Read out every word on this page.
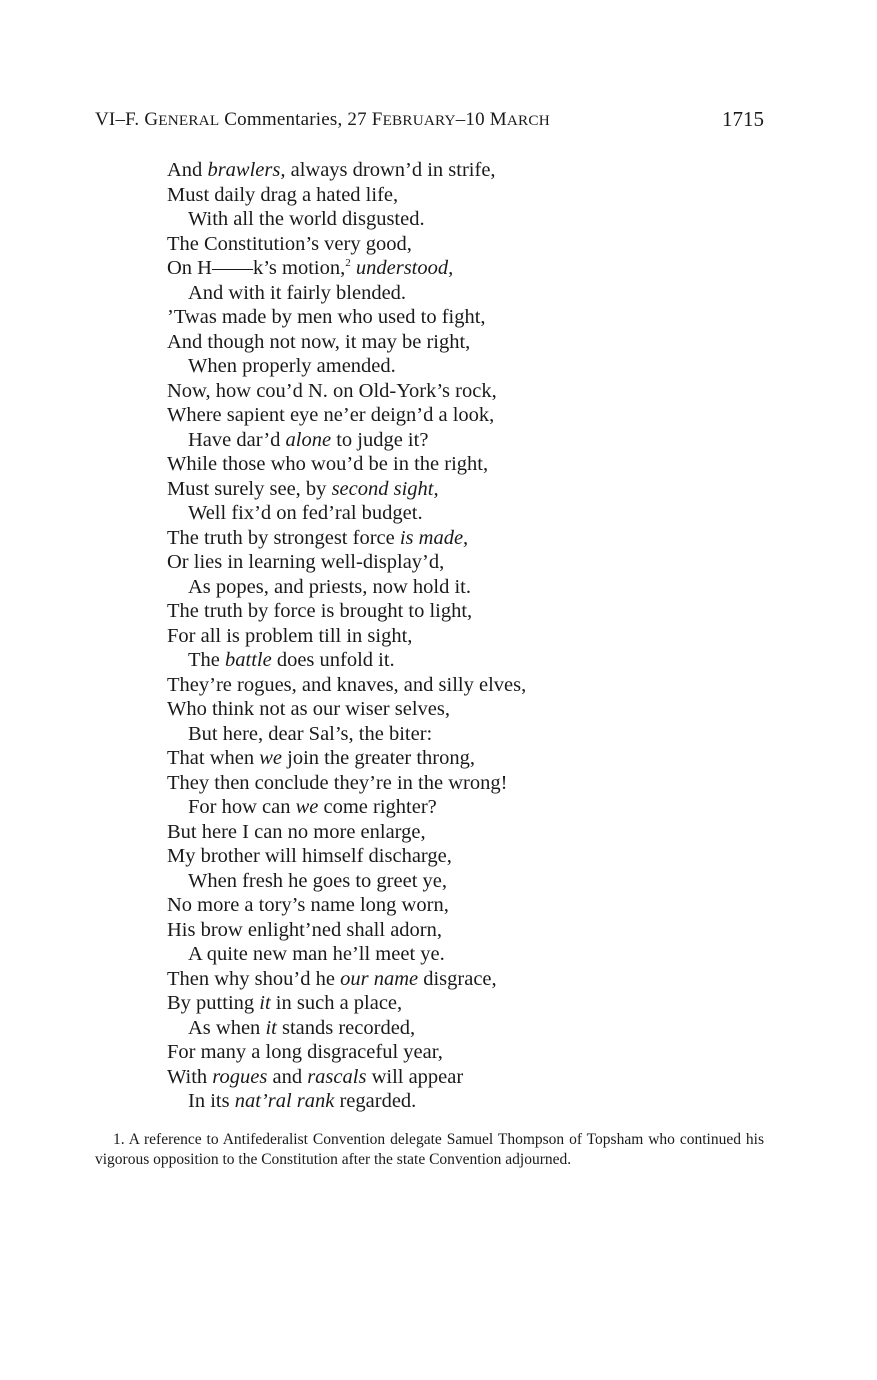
VI–F. GENERAL Commentaries, 27 FEBRUARY–10 MARCH	1715
And brawlers, always drown’d in strife,
Must daily drag a hated life,
With all the world disgusted.
The Constitution’s very good,
On H——k’s motion,$^2$ understood,
And with it fairly blended.
’Twas made by men who used to fight,
And though not now, it may be right,
When properly amended.
Now, how cou’d N. on Old-York’s rock,
Where sapient eye ne’er deign’d a look,
Have dar’d alone to judge it?
While those who wou’d be in the right,
Must surely see, by second sight,
Well fix’d on fed’ral budget.
The truth by strongest force is made,
Or lies in learning well-display’d,
As popes, and priests, now hold it.
The truth by force is brought to light,
For all is problem till in sight,
The battle does unfold it.
They’re rogues, and knaves, and silly elves,
Who think not as our wiser selves,
But here, dear Sal’s, the biter:
That when we join the greater throng,
They then conclude they’re in the wrong!
For how can we come righter?
But here I can no more enlarge,
My brother will himself discharge,
When fresh he goes to greet ye,
No more a tory’s name long worn,
His brow enlight’ned shall adorn,
A quite new man he’ll meet ye.
Then why shou’d he our name disgrace,
By putting it in such a place,
As when it stands recorded,
For many a long disgraceful year,
With rogues and rascals will appear
In its nat’ral rank regarded.
1. A reference to Antifederalist Convention delegate Samuel Thompson of Topsham who continued his vigorous opposition to the Constitution after the state Convention adjourned.
